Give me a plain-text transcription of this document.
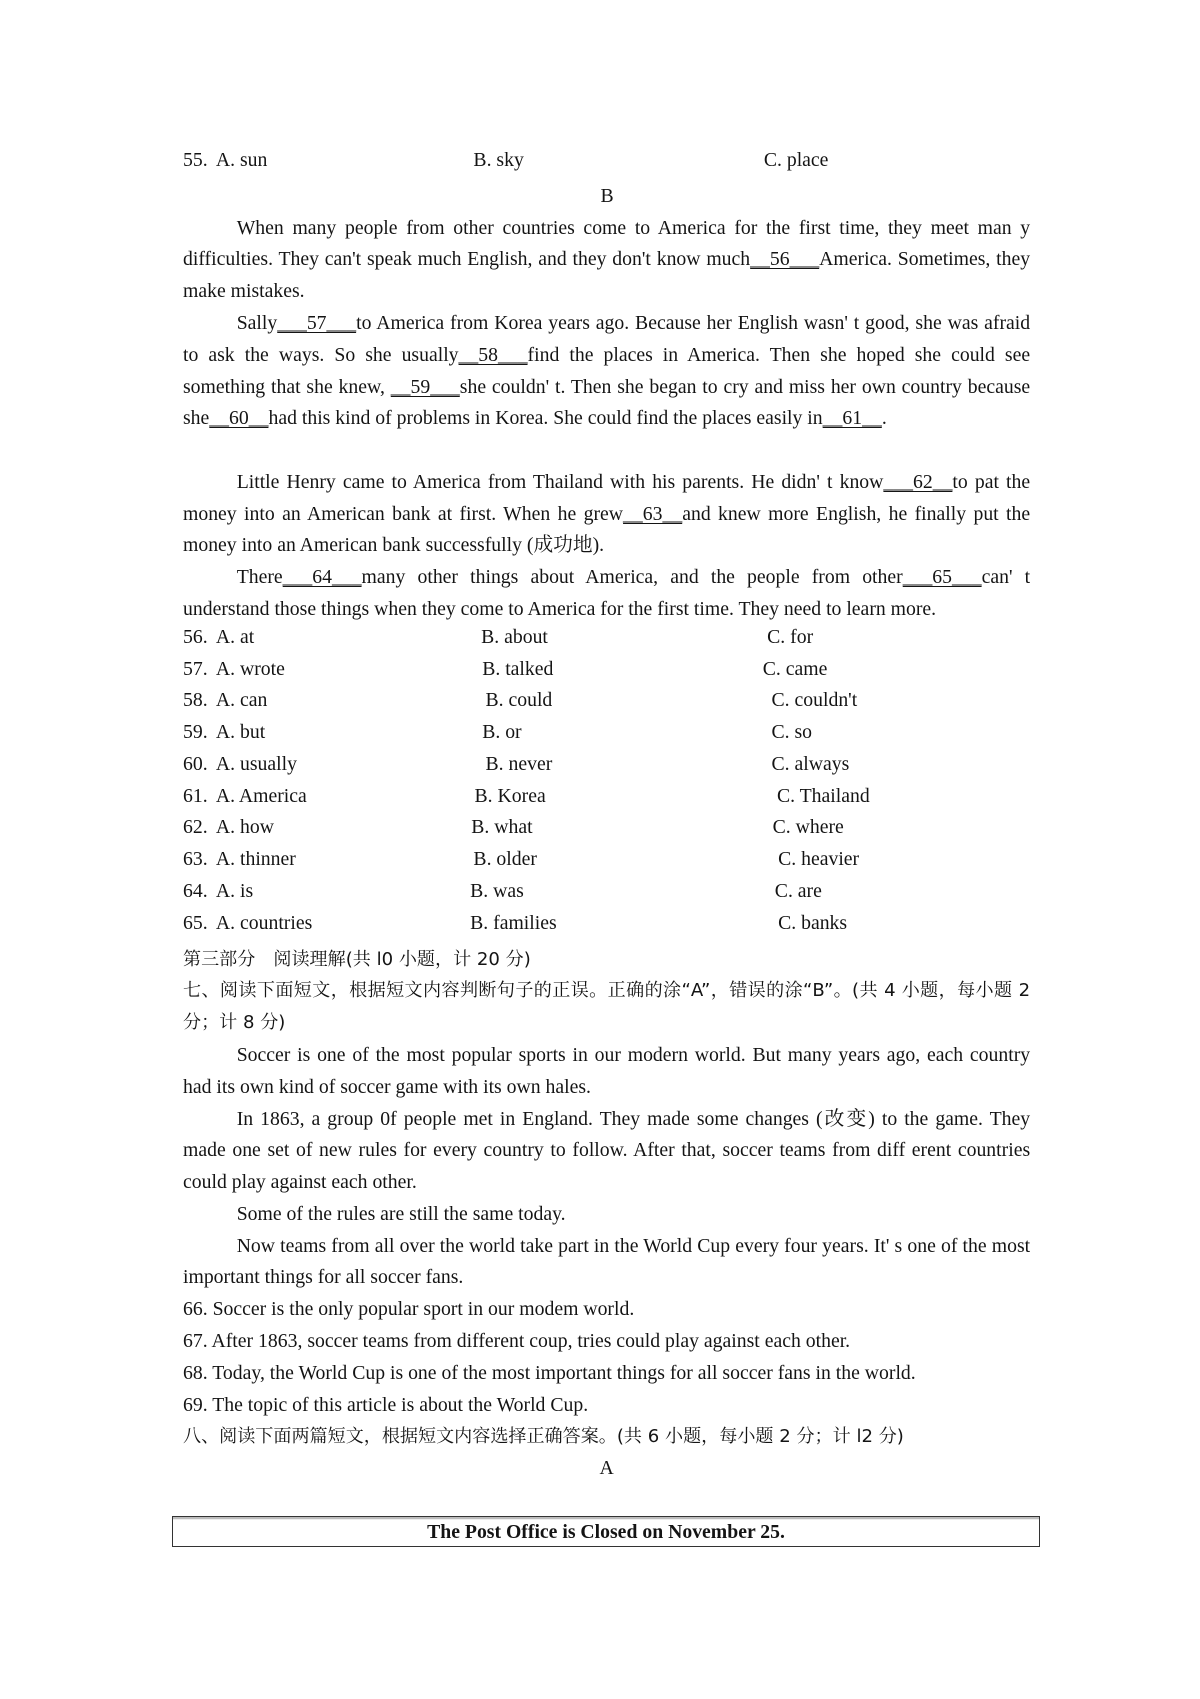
55. A. sun	B. sky	C. place
B
When many people from other countries come to America for the first time, they meet man y difficulties. They can't speak much English, and they don't know much__56___America. Sometimes, they make mistakes.
Sally___57___to America from Korea years ago. Because her English wasn' t good, she was afraid to ask the ways. So she usually__58___find the places in America. Then she hoped she could see something that she knew, __59___she couldn' t. Then she began to cry and miss her own country because she__60__had this kind of problems in Korea. She could find the places easily in__61__.
Little Henry came to America from Thailand with his parents. He didn' t know___62__to pat the money into an American bank at first. When he grew__63__and knew more English, he finally put the money into an American bank successfully (成功地).
There___64___many other things about America, and the people from other___65___can' t understand those things when they come to America for the first time. They need to learn more.
56. A. at	B. about	C. for
57. A. wrote	B. talked	C. came
58. A. can	B. could	C. couldn't
59. A. but	B. or	C. so
60. A. usually	B. never	C. always
61. A. America	B. Korea	C. Thailand
62. A. how	B. what	C. where
63. A. thinner	B. older	C. heavier
64. A. is	B. was	C. are
65. A. countries	B. families	C. banks
第三部分　阅读理解(共 l0 小题，计 20 分)
七、阅读下面短文，根据短文内容判断句子的正误。正确的涂“A”，错误的涂“B”。(共 4 小题，每小题 2 分；计 8 分)
Soccer is one of the most popular sports in our modern world. But many years ago, each country had its own kind of soccer game with its own hales.
In 1863, a group 0f people met in England. They made some changes (改变) to the game. They made one set of new rules for every country to follow. After that, soccer teams from diff erent countries could play against each other.
Some of the rules are still the same today.
Now teams from all over the world take part in the World Cup every four years. It' s one of the most important things for all soccer fans.
66. Soccer is the only popular sport in our modem world.
67. After 1863, soccer teams from different coup, tries could play against each other.
68. Today, the World Cup is one of the most important things for all soccer fans in the world.
69. The topic of this article is about the World Cup.
八、阅读下面两篇短文，根据短文内容选择正确答案。(共 6 小题，每小题 2 分；计 l2 分)
A
The Post Office is Closed on November 25.
